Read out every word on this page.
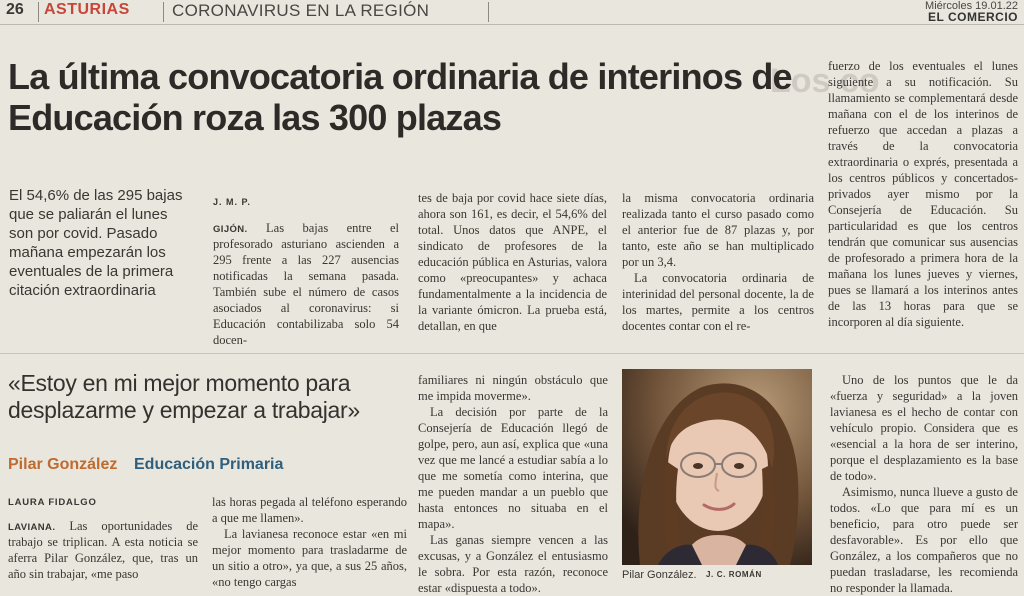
26 ASTURIAS CORONAVIRUS EN LA REGIÓN	Miércoles 19.01.22
EL COMERCIO
Los co
La última convocatoria ordinaria de interinos de Educación roza las 300 plazas
El 54,6% de las 295 bajas que se paliarán el lunes son por covid. Pasado mañana empezarán los eventuales de la primera citación extraordinaria
J. M. P.

GIJÓN. Las bajas entre el profesorado asturiano ascienden a 295 frente a las 227 ausencias notificadas la semana pasada. También sube el número de casos asociados al coronavirus: si Educación contabilizaba solo 54 docen-

tes de baja por covid hace siete días, ahora son 161, es decir, el 54,6% del total. Unos datos que ANPE, el sindicato de profesores de la educación pública en Asturias, valora como «preocupantes» y achaca fundamentalmente a la incidencia de la variante ómicron. La prueba está, detallan, en que

la misma convocatoria ordinaria realizada tanto el curso pasado como el anterior fue de 87 plazas y, por tanto, este año se han multiplicado por un 3,4.

La convocatoria ordinaria de interinidad del personal docente, la de los martes, permite a los centros docentes contar con el re-

fuerzo de los eventuales el lunes siguiente a su notificación. Su llamamiento se complementará desde mañana con el de los interinos de refuerzo que accedan a plazas a través de la convocatoria extraordinaria o exprés, presentada a los centros públicos y concertados-privados ayer mismo por la Consejería de Educación. Su particularidad es que los centros tendrán que comunicar sus ausencias de profesorado a primera hora de la mañana los lunes jueves y viernes, pues se llamará a los interinos antes de las 13 horas para que se incorporen al día siguiente.

«Estoy en mi mejor momento para desplazarme y empezar a trabajar»
Pilar González Educación Primaria
LAURA FIDALGO

LAVIANA. Las oportunidades de trabajo se triplican. A esta noticia se aferra Pilar González, que, tras un año sin trabajar, «me paso

las horas pegada al teléfono esperando a que me llamen».

La lavianesa reconoce estar «en mi mejor momento para trasladarme de un sitio a otro», ya que, a sus 25 años, «no tengo cargas

familiares ni ningún obstáculo que me impida moverme».

La decisión por parte de la Consejería de Educación llegó de golpe, pero, aun así, explica que «una vez que me lancé a estudiar sabía a lo que me sometía como interina, que me pueden mandar a un pueblo que hasta entonces no situaba en el mapa».

Las ganas siempre vencen a las excusas, y a González el entusiasmo le sobra. Por esta razón, reconoce estar «dispuesta a todo».

Uno de los puntos que le da «fuerza y seguridad» a la joven lavianesa es el hecho de contar con vehículo propio. Considera que es «esencial a la hora de ser interino, porque el desplazamiento es la base de todo».

Asimismo, nunca llueve a gusto de todos. «Lo que para mí es un beneficio, para otro puede ser desfavorable». Es por ello que González, a los compañeros que no puedan trasladarse, les recomienda no responder la llamada.

Pilar González. J. C. ROMÁN
